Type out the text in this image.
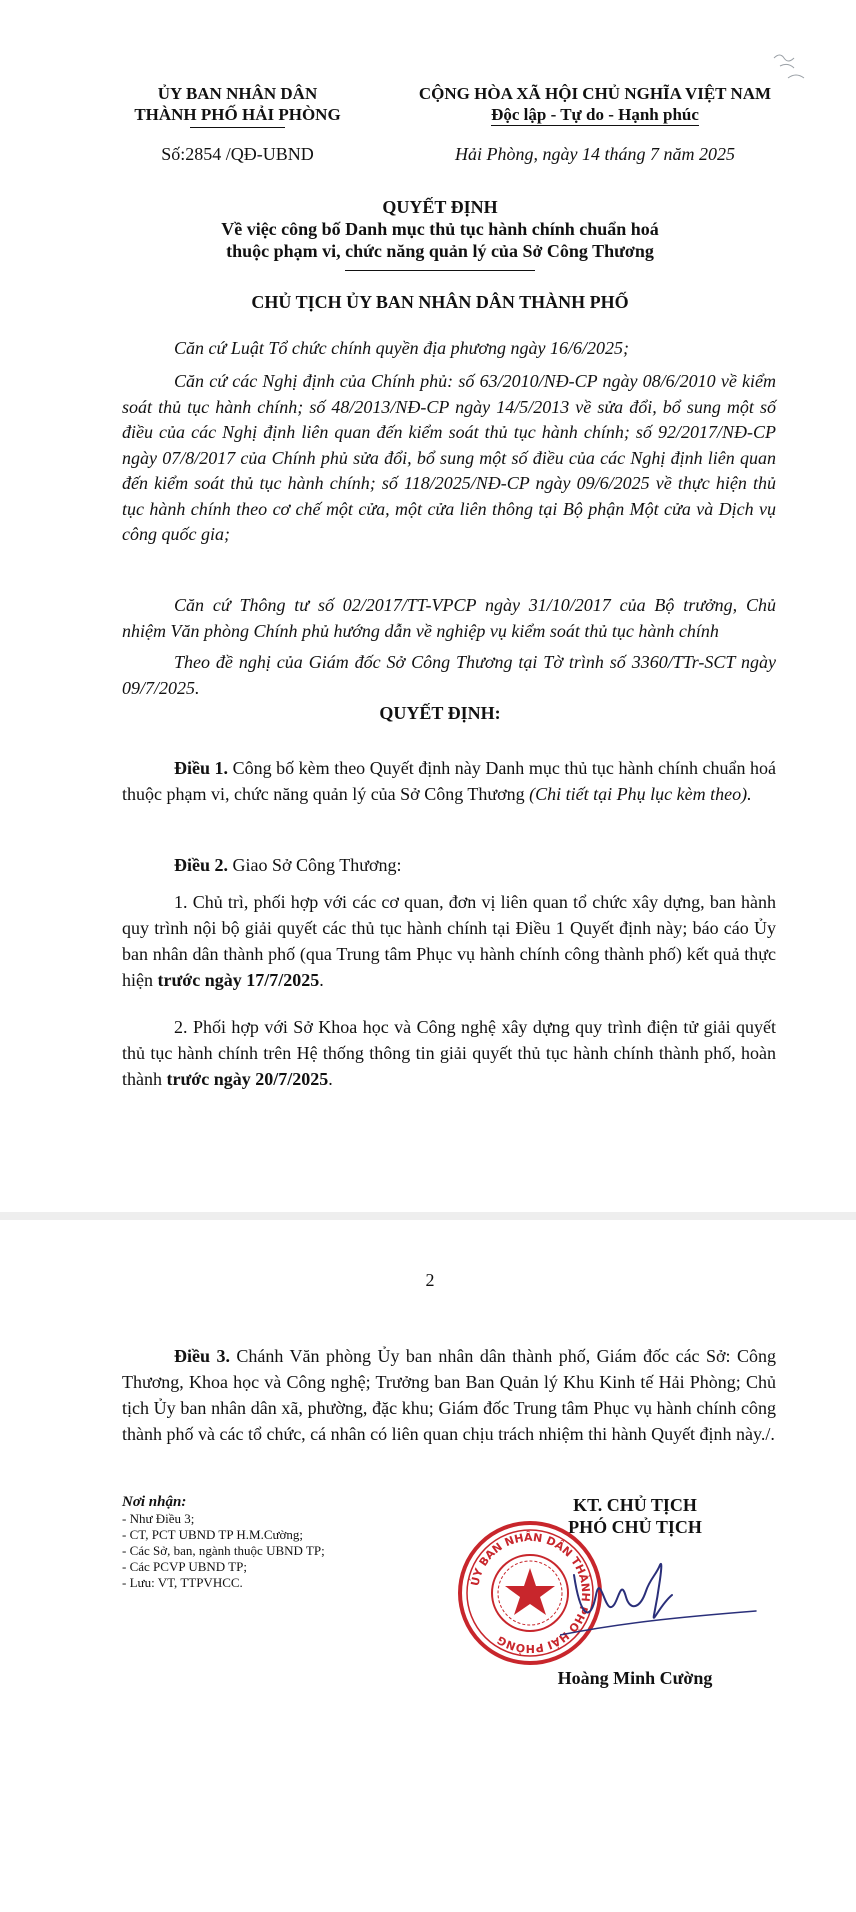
ỦY BAN NHÂN DÂN
THÀNH PHỐ HẢI PHÒNG
Số:2854 /QĐ-UBND
CỘNG HÒA XÃ HỘI CHỦ NGHĨA VIỆT NAM
Độc lập - Tự do - Hạnh phúc
Hải Phòng, ngày 14 tháng 7 năm 2025
QUYẾT ĐỊNH
Về việc công bố Danh mục thủ tục hành chính chuẩn hoá
thuộc phạm vi, chức năng quản lý của Sở Công Thương
CHỦ TỊCH ỦY BAN NHÂN DÂN THÀNH PHỐ
Căn cứ Luật Tổ chức chính quyền địa phương ngày 16/6/2025;
Căn cứ các Nghị định của Chính phủ: số 63/2010/NĐ-CP ngày 08/6/2010 về kiểm soát thủ tục hành chính; số 48/2013/NĐ-CP ngày 14/5/2013 về sửa đổi, bổ sung một số điều của các Nghị định liên quan đến kiểm soát thủ tục hành chính; số 92/2017/NĐ-CP ngày 07/8/2017 của Chính phủ sửa đổi, bổ sung một số điều của các Nghị định liên quan đến kiểm soát thủ tục hành chính; số 118/2025/NĐ-CP ngày 09/6/2025 về thực hiện thủ tục hành chính theo cơ chế một cửa, một cửa liên thông tại Bộ phận Một cửa và Dịch vụ công quốc gia;
Căn cứ Thông tư số 02/2017/TT-VPCP ngày 31/10/2017 của Bộ trưởng, Chủ nhiệm Văn phòng Chính phủ hướng dẫn về nghiệp vụ kiểm soát thủ tục hành chính
Theo đề nghị của Giám đốc Sở Công Thương tại Tờ trình số 3360/TTr-SCT ngày 09/7/2025.
QUYẾT ĐỊNH:
Điều 1. Công bố kèm theo Quyết định này Danh mục thủ tục hành chính chuẩn hoá thuộc phạm vi, chức năng quản lý của Sở Công Thương (Chi tiết tại Phụ lục kèm theo).
Điều 2. Giao Sở Công Thương:
1. Chủ trì, phối hợp với các cơ quan, đơn vị liên quan tổ chức xây dựng, ban hành quy trình nội bộ giải quyết các thủ tục hành chính tại Điều 1 Quyết định này; báo cáo Ủy ban nhân dân thành phố (qua Trung tâm Phục vụ hành chính công thành phố) kết quả thực hiện trước ngày 17/7/2025.
2. Phối hợp với Sở Khoa học và Công nghệ xây dựng quy trình điện tử giải quyết thủ tục hành chính trên Hệ thống thông tin giải quyết thủ tục hành chính thành phố, hoàn thành trước ngày 20/7/2025.
2
Điều 3. Chánh Văn phòng Ủy ban nhân dân thành phố, Giám đốc các Sở: Công Thương, Khoa học và Công nghệ; Trưởng ban Ban Quản lý Khu Kinh tế Hải Phòng; Chủ tịch Ủy ban nhân dân xã, phường, đặc khu; Giám đốc Trung tâm Phục vụ hành chính công thành phố và các tổ chức, cá nhân có liên quan chịu trách nhiệm thi hành Quyết định này./.
Nơi nhận:
- Như Điều 3;
- CT, PCT UBND TP H.M.Cường;
- Các Sở, ban, ngành thuộc UBND TP;
- Các PCVP UBND TP;
- Lưu: VT, TTPVHCC.
KT. CHỦ TỊCH
PHÓ CHỦ TỊCH
ỦY BAN NHÂN DÂN THÀNH PHỐ HẢI PHÒNG
Hoàng Minh Cường
